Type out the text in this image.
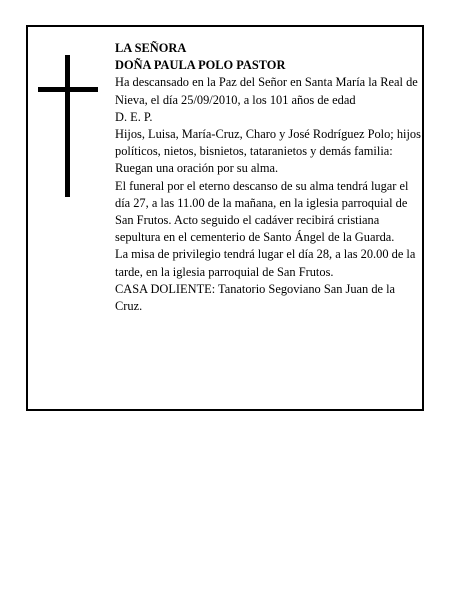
LA SEÑORA

DOÑA PAULA POLO PASTOR

Ha descansado en la Paz del Señor en Santa María la Real de Nieva, el día 25/09/2010, a los 101 años de edad

D. E. P.

Hijos, Luisa, María-Cruz, Charo y José Rodríguez Polo; hijos políticos, nietos, bisnietos, tataranietos y demás familia:

Ruegan una oración por su alma.

El funeral por el eterno descanso de su alma tendrá lugar el día 27, a las 11.00 de la mañana, en la iglesia parroquial de San Frutos. Acto seguido el cadáver recibirá cristiana sepultura en el cementerio de Santo Ángel de la Guarda.

La misa de privilegio tendrá lugar el día 28, a las 20.00 de la tarde, en la iglesia parroquial de San Frutos.

CASA DOLIENTE: Tanatorio Segoviano San Juan de la Cruz.
